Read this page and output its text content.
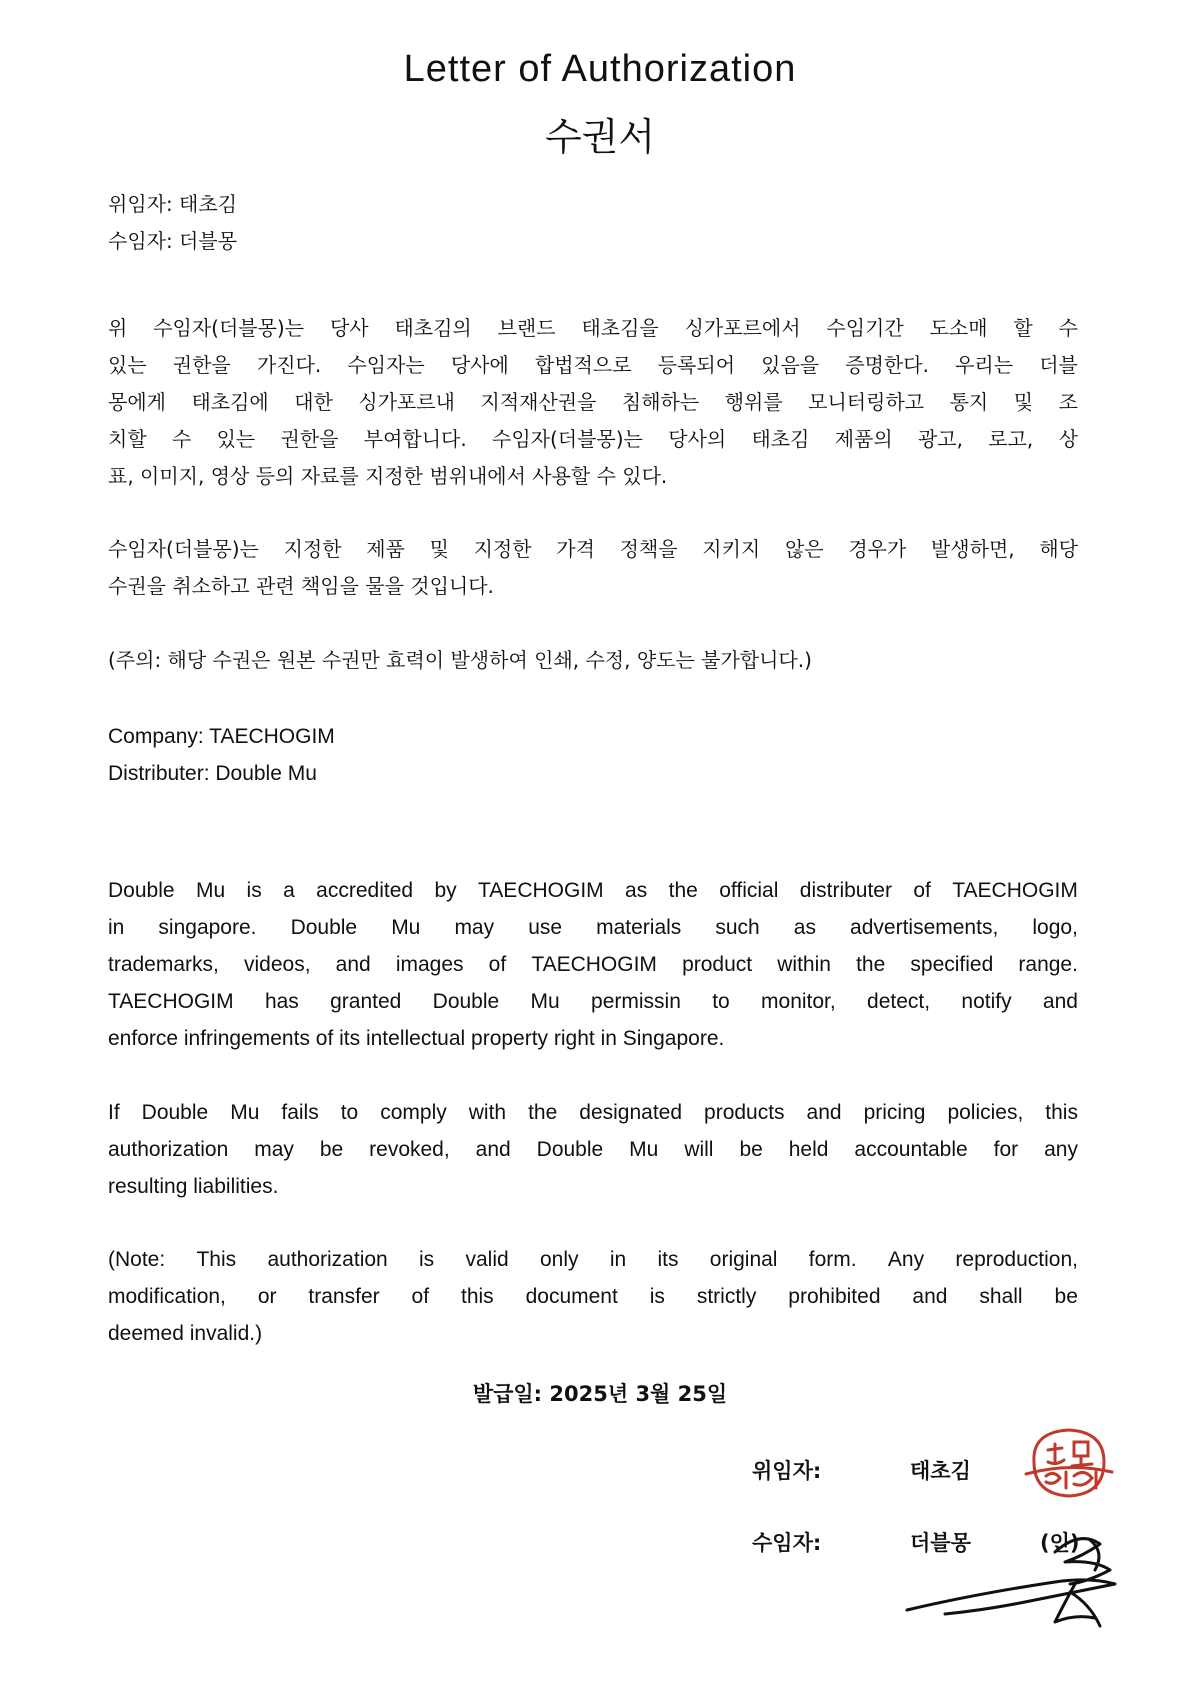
Letter of Authorization
수권서
위임자: 태초김
수임자: 더블몽
위 수임자(더블몽)는 당사 태초김의 브랜드 태초김을 싱가포르에서 수임기간 도소매 할 수
있는 권한을 가진다. 수임자는 당사에 합법적으로 등록되어 있음을 증명한다. 우리는 더블
몽에게 태초김에 대한 싱가포르내 지적재산권을 침해하는 행위를 모니터링하고 통지 및 조
치할 수 있는 권한을 부여합니다. 수임자(더블몽)는 당사의 태초김 제품의 광고, 로고, 상
표, 이미지, 영상 등의 자료를 지정한 범위내에서 사용할 수 있다.
수임자(더블몽)는 지정한 제품 및 지정한 가격 정책을 지키지 않은 경우가 발생하면, 해당
수권을 취소하고 관련 책임을 물을 것입니다.
(주의: 해당 수권은 원본 수권만 효력이 발생하여 인쇄, 수정, 양도는 불가합니다.)
Company: TAECHOGIM
Distributer: Double Mu
Double Mu is a accredited by TAECHOGIM as the official distributer of TAECHOGIM
in singapore. Double Mu may use materials such as advertisements, logo,
trademarks, videos, and images of TAECHOGIM product within the specified range.
TAECHOGIM has granted Double Mu permissin to monitor, detect, notify and
enforce infringements of its intellectual property right in Singapore.
If Double Mu fails to comply with the designated products and pricing policies, this
authorization may be revoked, and Double Mu will be held accountable for any
resulting liabilities.
(Note: This authorization is valid only in its original form. Any reproduction,
modification, or transfer of this document is strictly prohibited and shall be
deemed invalid.)
발급일: 2025년 3월 25일
위임자:	태초김
수임자:	더블몽	(인)
